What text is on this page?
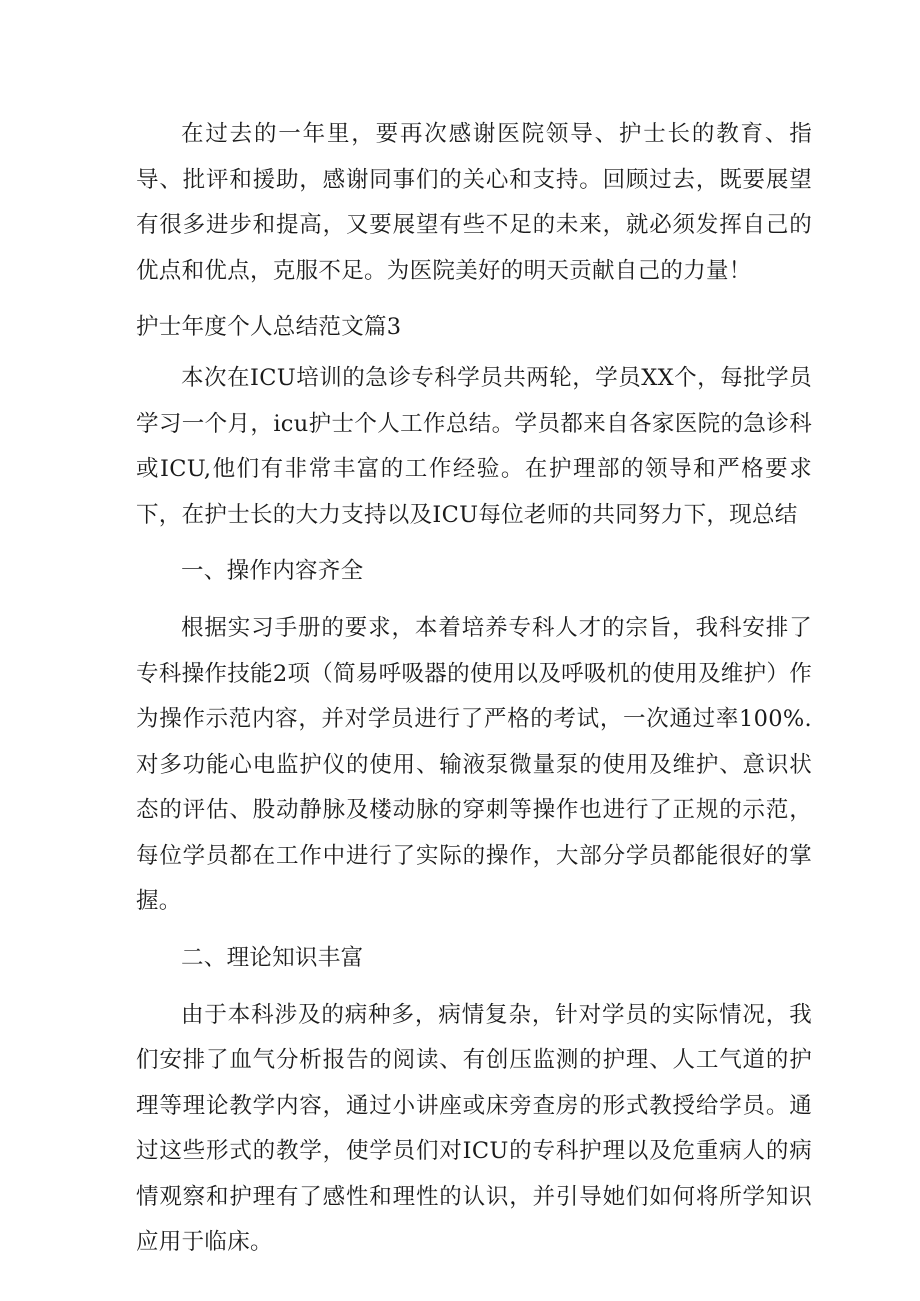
在过去的一年里，要再次感谢医院领导、护士长的教育、指导、批评和援助，感谢同事们的关心和支持。回顾过去，既要展望有很多进步和提高，又要展望有些不足的未来，就必须发挥自己的优点和优点，克服不足。为医院美好的明天贡献自己的力量！

护士年度个人总结范文篇3

本次在ICU培训的急诊专科学员共两轮，学员XX个，每批学员学习一个月，icu护士个人工作总结。学员都来自各家医院的急诊科或ICU,他们有非常丰富的工作经验。在护理部的领导和严格要求下，在护士长的大力支持以及ICU每位老师的共同努力下，现总结

一、操作内容齐全

根据实习手册的要求，本着培养专科人才的宗旨，我科安排了专科操作技能2项（简易呼吸器的使用以及呼吸机的使用及维护）作为操作示范内容，并对学员进行了严格的考试，一次通过率100%.对多功能心电监护仪的使用、输液泵微量泵的使用及维护、意识状态的评估、股动静脉及楼动脉的穿刺等操作也进行了正规的示范，每位学员都在工作中进行了实际的操作，大部分学员都能很好的掌握。

二、理论知识丰富

由于本科涉及的病种多，病情复杂，针对学员的实际情况，我们安排了血气分析报告的阅读、有创压监测的护理、人工气道的护理等理论教学内容，通过小讲座或床旁查房的形式教授给学员。通过这些形式的教学，使学员们对ICU的专科护理以及危重病人的病情观察和护理有了感性和理性的认识，并引导她们如何将所学知识应用于临床。
